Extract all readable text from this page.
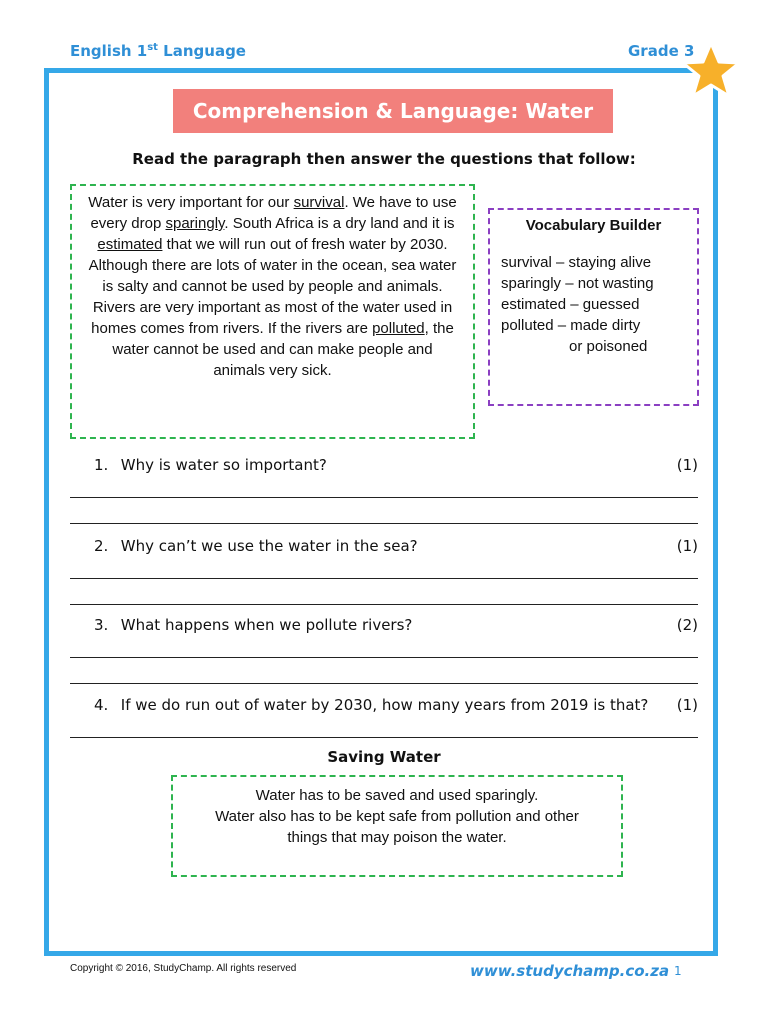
English 1st Language	Grade 3
Comprehension & Language: Water
Read the paragraph then answer the questions that follow:
Water is very important for our survival. We have to use every drop sparingly. South Africa is a dry land and it is estimated that we will run out of fresh water by 2030. Although there are lots of water in the ocean, sea water is salty and cannot be used by people and animals. Rivers are very important as most of the water used in homes comes from rivers. If the rivers are polluted, the water cannot be used and can make people and animals very sick.
Vocabulary Builder
survival – staying alive
sparingly – not wasting
estimated – guessed
polluted – made dirty
or poisoned
1. Why is water so important?	(1)
2. Why can’t we use the water in the sea?	(1)
3. What happens when we pollute rivers?	(2)
4. If we do run out of water by 2030, how many years from 2019 is that? (1)
Saving Water
Water has to be saved and used sparingly.
Water also has to be kept safe from pollution and other
things that may poison the water.
Copyright © 2016, StudyChamp. All rights reserved	www.studychamp.co.za 1
